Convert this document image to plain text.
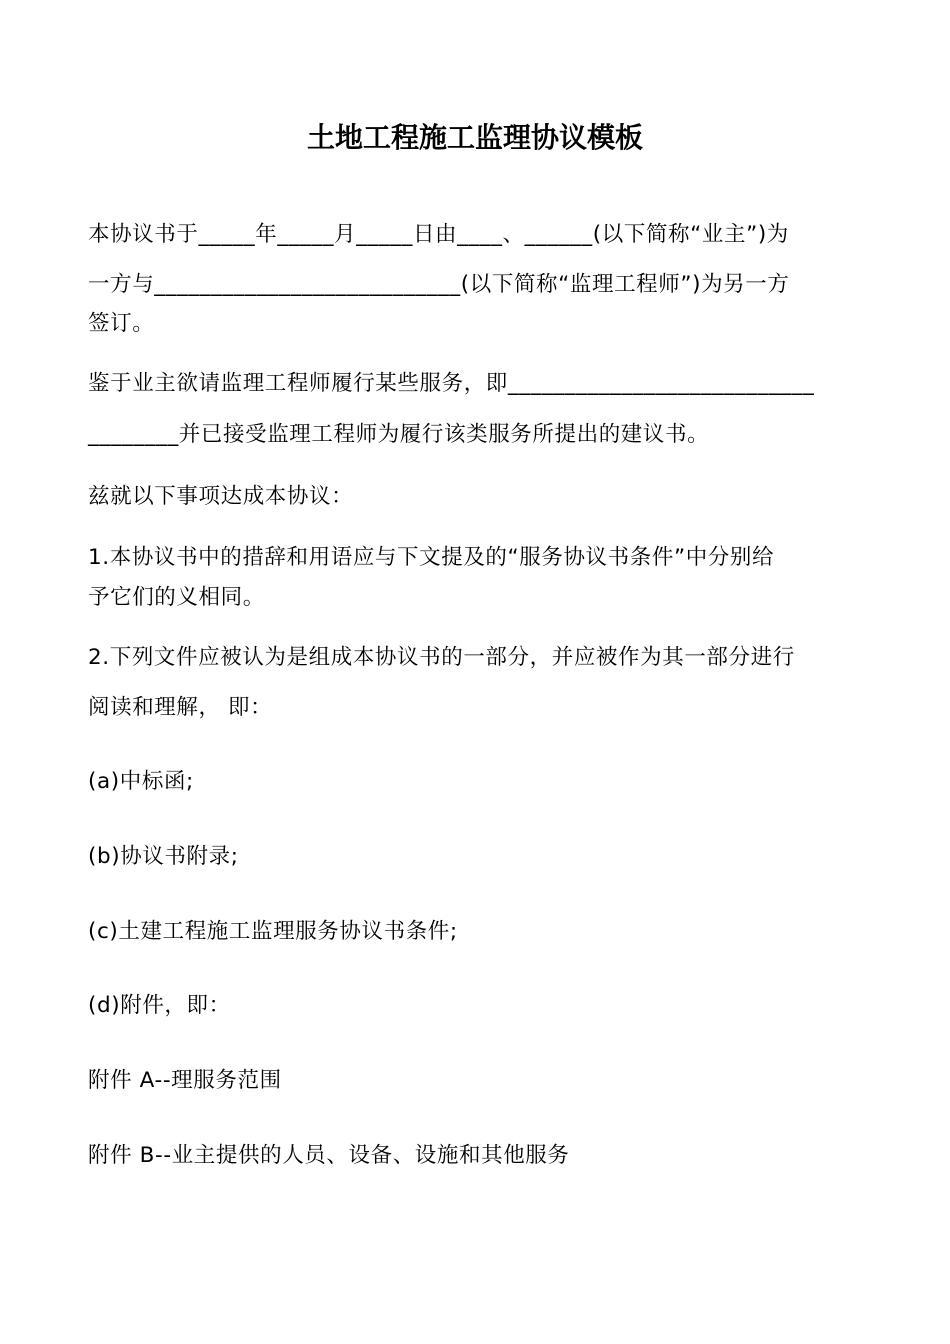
土地工程施工监理协议模板
本协议书于_____年_____月_____日由____、______(以下简称“业主”)为
一方与___________________________(以下简称“监理工程师”)为另一方
签订。
鉴于业主欲请监理工程师履行某些服务，即___________________________
________并已接受监理工程师为履行该类服务所提出的建议书。
兹就以下事项达成本协议：
1.本协议书中的措辞和用语应与下文提及的“服务协议书条件”中分别给
予它们的义相同。
2.下列文件应被认为是组成本协议书的一部分，并应被作为其一部分进行
阅读和理解， 即：
(a)中标函;
(b)协议书附录;
(c)土建工程施工监理服务协议书条件;
(d)附件，即：
附件 A--理服务范围
附件 B--业主提供的人员、设备、设施和其他服务
